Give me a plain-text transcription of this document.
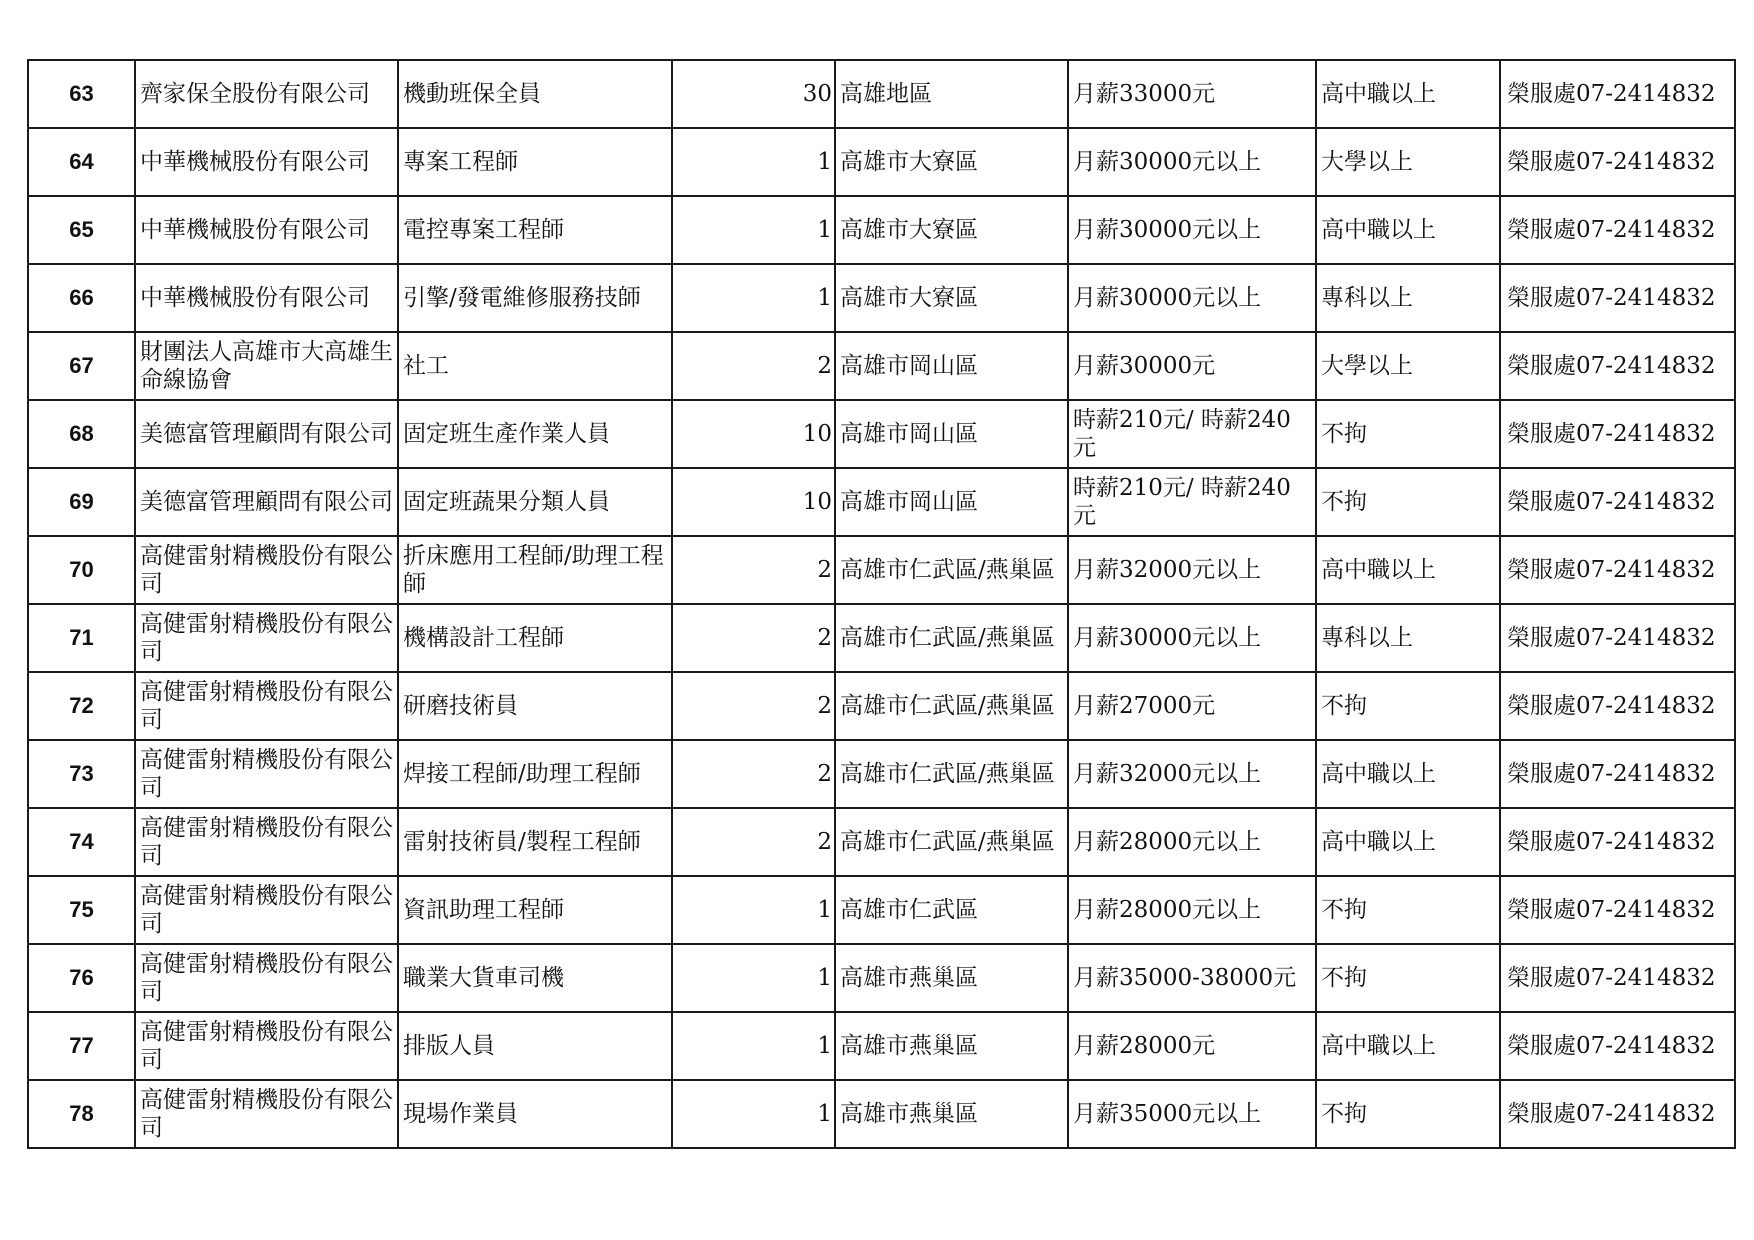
63	齊家保全股份有限公司	機動班保全員	30	高雄地區	月薪33000元	高中職以上	榮服處07-2414832
64	中華機械股份有限公司	專案工程師	1	高雄市大寮區	月薪30000元以上	大學以上	榮服處07-2414832
65	中華機械股份有限公司	電控專案工程師	1	高雄市大寮區	月薪30000元以上	高中職以上	榮服處07-2414832
66	中華機械股份有限公司	引擎/發電維修服務技師	1	高雄市大寮區	月薪30000元以上	專科以上	榮服處07-2414832
67	財團法人高雄市大高雄生命線協會	社工	2	高雄市岡山區	月薪30000元	大學以上	榮服處07-2414832
68	美德富管理顧問有限公司	固定班生產作業人員	10	高雄市岡山區	時薪210元/ 時薪240元	不拘	榮服處07-2414832
69	美德富管理顧問有限公司	固定班蔬果分類人員	10	高雄市岡山區	時薪210元/ 時薪240元	不拘	榮服處07-2414832
70	高健雷射精機股份有限公司	折床應用工程師/助理工程師	2	高雄市仁武區/燕巢區	月薪32000元以上	高中職以上	榮服處07-2414832
71	高健雷射精機股份有限公司	機構設計工程師	2	高雄市仁武區/燕巢區	月薪30000元以上	專科以上	榮服處07-2414832
72	高健雷射精機股份有限公司	研磨技術員	2	高雄市仁武區/燕巢區	月薪27000元	不拘	榮服處07-2414832
73	高健雷射精機股份有限公司	焊接工程師/助理工程師	2	高雄市仁武區/燕巢區	月薪32000元以上	高中職以上	榮服處07-2414832
74	高健雷射精機股份有限公司	雷射技術員/製程工程師	2	高雄市仁武區/燕巢區	月薪28000元以上	高中職以上	榮服處07-2414832
75	高健雷射精機股份有限公司	資訊助理工程師	1	高雄市仁武區	月薪28000元以上	不拘	榮服處07-2414832
76	高健雷射精機股份有限公司	職業大貨車司機	1	高雄市燕巢區	月薪35000-38000元	不拘	榮服處07-2414832
77	高健雷射精機股份有限公司	排版人員	1	高雄市燕巢區	月薪28000元	高中職以上	榮服處07-2414832
78	高健雷射精機股份有限公司	現場作業員	1	高雄市燕巢區	月薪35000元以上	不拘	榮服處07-2414832
